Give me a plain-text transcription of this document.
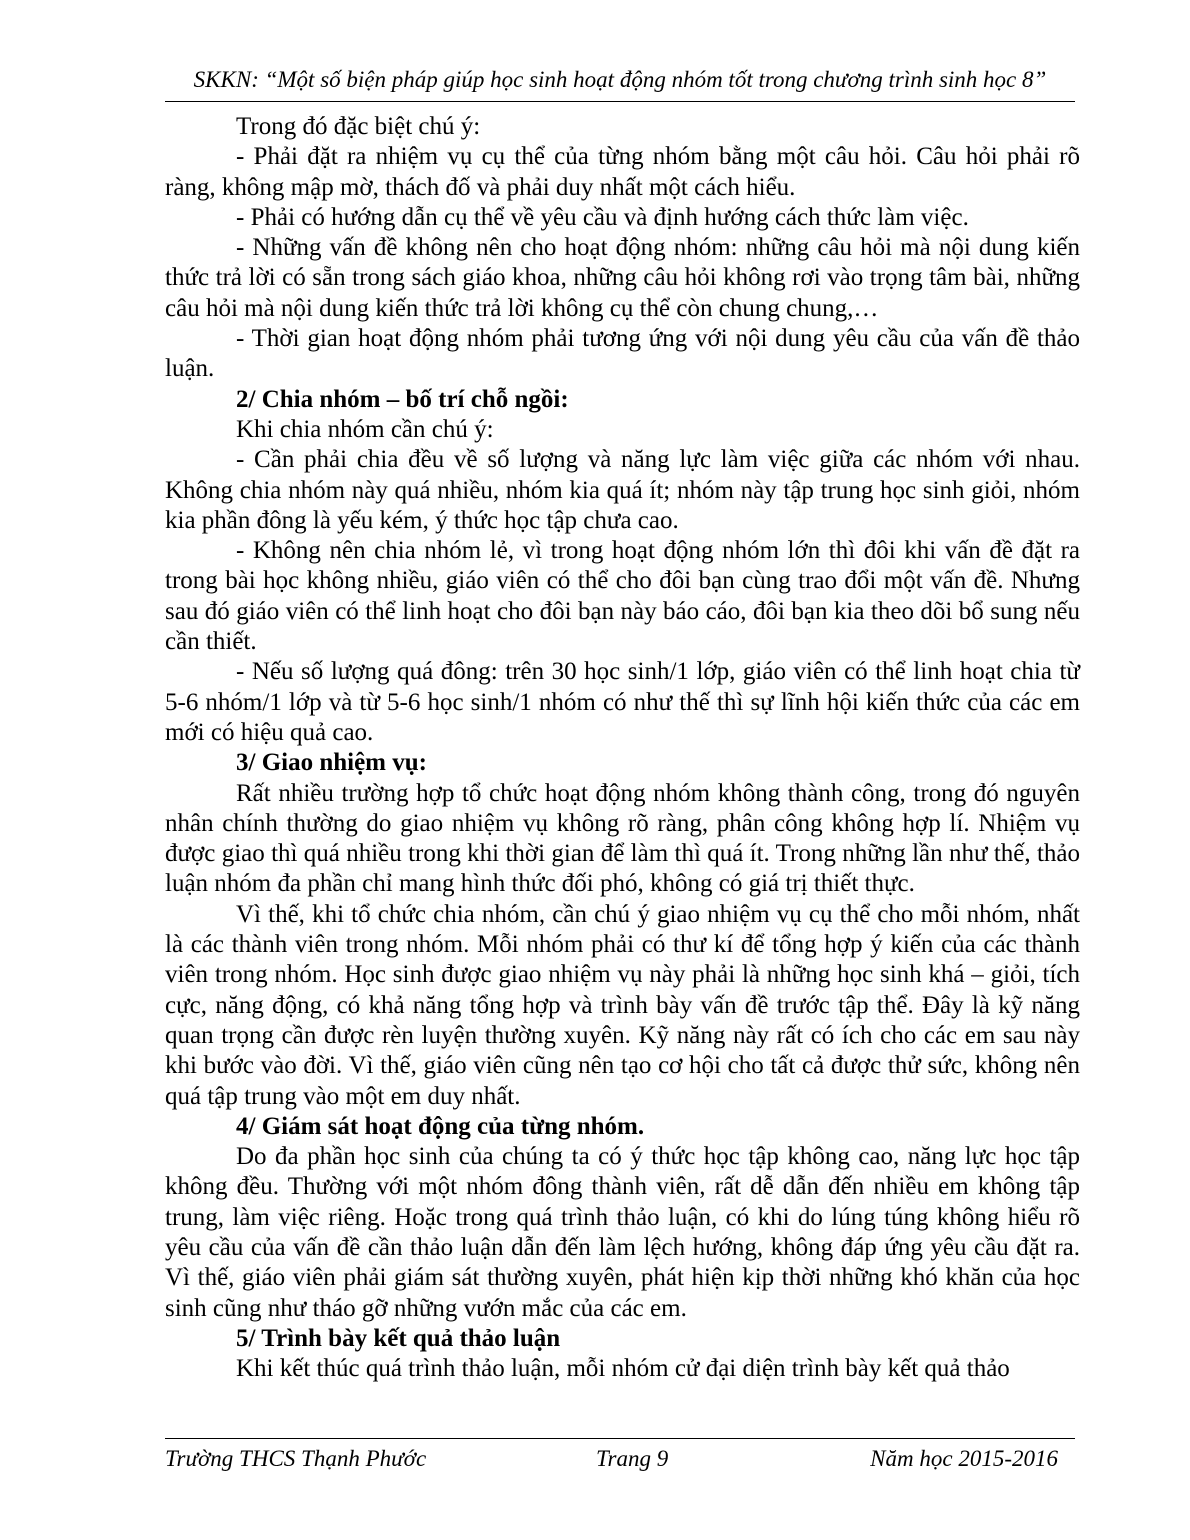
SKKN: “Một số biện pháp giúp học sinh hoạt động nhóm tốt trong chương trình sinh học 8”

Trong đó đặc biệt chú ý:

- Phải đặt ra nhiệm vụ cụ thể của từng nhóm bằng một câu hỏi. Câu hỏi phải rõ ràng, không mập mờ, thách đố và phải duy nhất một cách hiểu.

- Phải có hướng dẫn cụ thể về yêu cầu và định hướng cách thức làm việc.

- Những vấn đề không nên cho hoạt động nhóm: những câu hỏi mà nội dung kiến thức trả lời có sẵn trong sách giáo khoa, những câu hỏi không rơi vào trọng tâm bài, những câu hỏi mà nội dung kiến thức trả lời không cụ thể còn chung chung,…

- Thời gian hoạt động nhóm phải tương ứng với nội dung yêu cầu của vấn đề thảo luận.

2/ Chia nhóm – bố trí chỗ ngồi:

Khi chia nhóm cần chú ý:

- Cần phải chia đều về số lượng và năng lực làm việc giữa các nhóm với nhau. Không chia nhóm này quá nhiều, nhóm kia quá ít; nhóm này tập trung học sinh giỏi, nhóm kia phần đông là yếu kém, ý thức học tập chưa cao.

- Không nên chia nhóm lẻ, vì trong hoạt động nhóm lớn thì đôi khi vấn đề đặt ra trong bài học không nhiều, giáo viên có thể cho đôi bạn cùng trao đổi một vấn đề. Nhưng sau đó giáo viên có thể linh hoạt cho đôi bạn này báo cáo, đôi bạn kia theo dõi bổ sung nếu cần thiết.

- Nếu số lượng quá đông: trên 30 học sinh/1 lớp, giáo viên có thể linh hoạt chia từ 5-6 nhóm/1 lớp và từ 5-6 học sinh/1 nhóm có như thế thì sự lĩnh hội kiến thức của các em mới có hiệu quả cao.

3/ Giao nhiệm vụ:

Rất nhiều trường hợp tổ chức hoạt động nhóm không thành công, trong đó nguyên nhân chính thường do giao nhiệm vụ không rõ ràng, phân công không hợp lí. Nhiệm vụ được giao thì quá nhiều trong khi thời gian để làm thì quá ít. Trong những lần như thế, thảo luận nhóm đa phần chỉ mang hình thức đối phó, không có giá trị thiết thực.

Vì thế, khi tổ chức chia nhóm, cần chú ý giao nhiệm vụ cụ thể cho mỗi nhóm, nhất là các thành viên trong nhóm. Mỗi nhóm phải có thư kí để tổng hợp ý kiến của các thành viên trong nhóm. Học sinh được giao nhiệm vụ này phải là những học sinh khá – giỏi, tích cực, năng động, có khả năng tổng hợp và trình bày vấn đề trước tập thể. Đây là kỹ năng quan trọng cần được rèn luyện thường xuyên. Kỹ năng này rất có ích cho các em sau này khi bước vào đời. Vì thế, giáo viên cũng nên tạo cơ hội cho tất cả được thử sức, không nên quá tập trung vào một em duy nhất.

4/ Giám sát hoạt động của từng nhóm.

Do đa phần học sinh của chúng ta có ý thức học tập không cao, năng lực học tập không đều. Thường với một nhóm đông thành viên, rất dễ dẫn đến nhiều em không tập trung, làm việc riêng. Hoặc trong quá trình thảo luận, có khi do lúng túng không hiểu rõ yêu cầu của vấn đề cần thảo luận dẫn đến làm lệch hướng, không đáp ứng yêu cầu đặt ra. Vì thế, giáo viên phải giám sát thường xuyên, phát hiện kịp thời những khó khăn của học sinh cũng như tháo gỡ những vướn mắc của các em.

5/ Trình bày kết quả thảo luận

Khi kết thúc quá trình thảo luận, mỗi nhóm cử đại diện trình bày kết quả thảo

Trường THCS Thạnh Phước	Trang 9	Năm học 2015-2016
